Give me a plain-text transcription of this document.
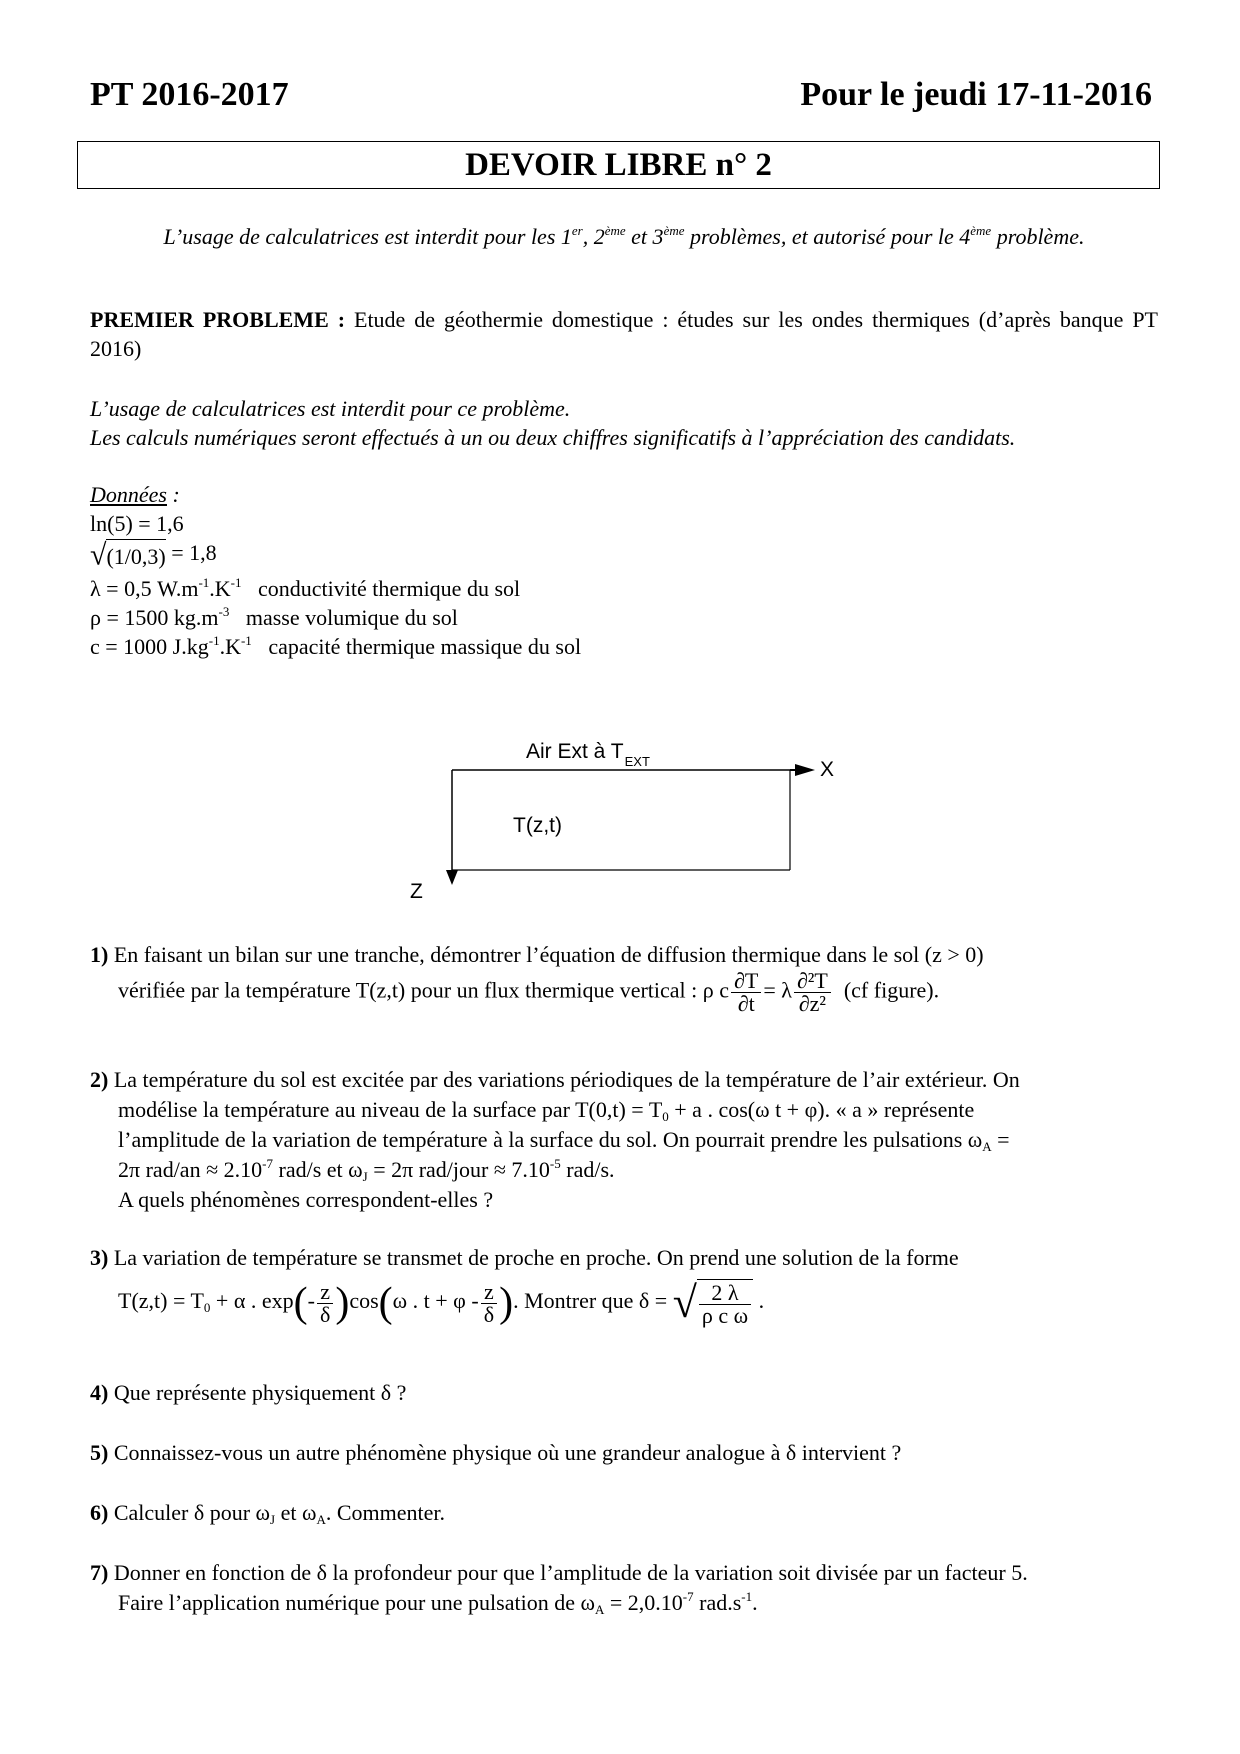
PT 2016-2017	Pour le jeudi 17-11-2016
DEVOIR LIBRE n° 2
L’usage de calculatrices est interdit pour les 1er, 2ème et 3ème problèmes, et autorisé pour le 4ème problème.
PREMIER PROBLEME : Etude de géothermie domestique : études sur les ondes thermiques (d’après banque PT 2016)
L’usage de calculatrices est interdit pour ce problème.
Les calculs numériques seront effectués à un ou deux chiffres significatifs à l’appréciation des candidats.
Données :
ln(5) = 1,6
√(1/0,3) = 1,8
λ = 0,5 $W.m^{-1}.K^{-1}$ conductivité thermique du sol
ρ = 1500 $kg.m^{-3}$ masse volumique du sol
c = 1000 $J.kg^{-1}.K^{-1}$ capacité thermique massique du sol
Air Ext à $T_{EXT}$	X
T(z,t)
Z
1) En faisant un bilan sur une tranche, démontrer l’équation de diffusion thermique dans le sol (z > 0)
vérifiée par la température T(z,t) pour un flux thermique vertical : ρ c $\frac{\partial T}{\partial t} = \lambda \frac{\text{∂²T}}{\text{∂z²}} (cf$ figure).
2) La température du sol est excitée par des variations périodiques de la température de l’air extérieur. On
modélise la température au niveau de la surface par $T(0,t) = T_0 + a$ . cos(ω t + φ). « a » représente
l’amplitude de la variation de température à la surface du sol. On pourrait prendre les pulsations $\omega_A$ =
2π $rad/an \approx 2.10^{-7}$ rad/s et $\omega_J = 2\pi$ rad/jour ≈ $7.10^{-5}$ rad/s.
A quels phénomènes correspondent-elles ?
3) La variation de température se transmet de proche en proche. On prend une solution de la forme
$T(z,t) = T_0 + \alpha$ . $\exp(- \frac{z}{\delta} )\cos(\omega$ . $t + \varphi - \frac{z}{\delta}$ ). Montrer que δ = √ $\frac{2 \lambda}{\text{ρ c ω}}$ .
4) Que représente physiquement δ ?
5) Connaissez-vous un autre phénomène physique où une grandeur analogue à δ intervient ?
6) Calculer δ pour $\omega_J$ et $\omega_A$. Commenter.
7) Donner en fonction de δ la profondeur pour que l’amplitude de la variation soit divisée par un facteur 5.
Faire l’application numérique pour une pulsation de $\omega_A = 2,0.10^{-7}$ $rad.s^{-1}$.
